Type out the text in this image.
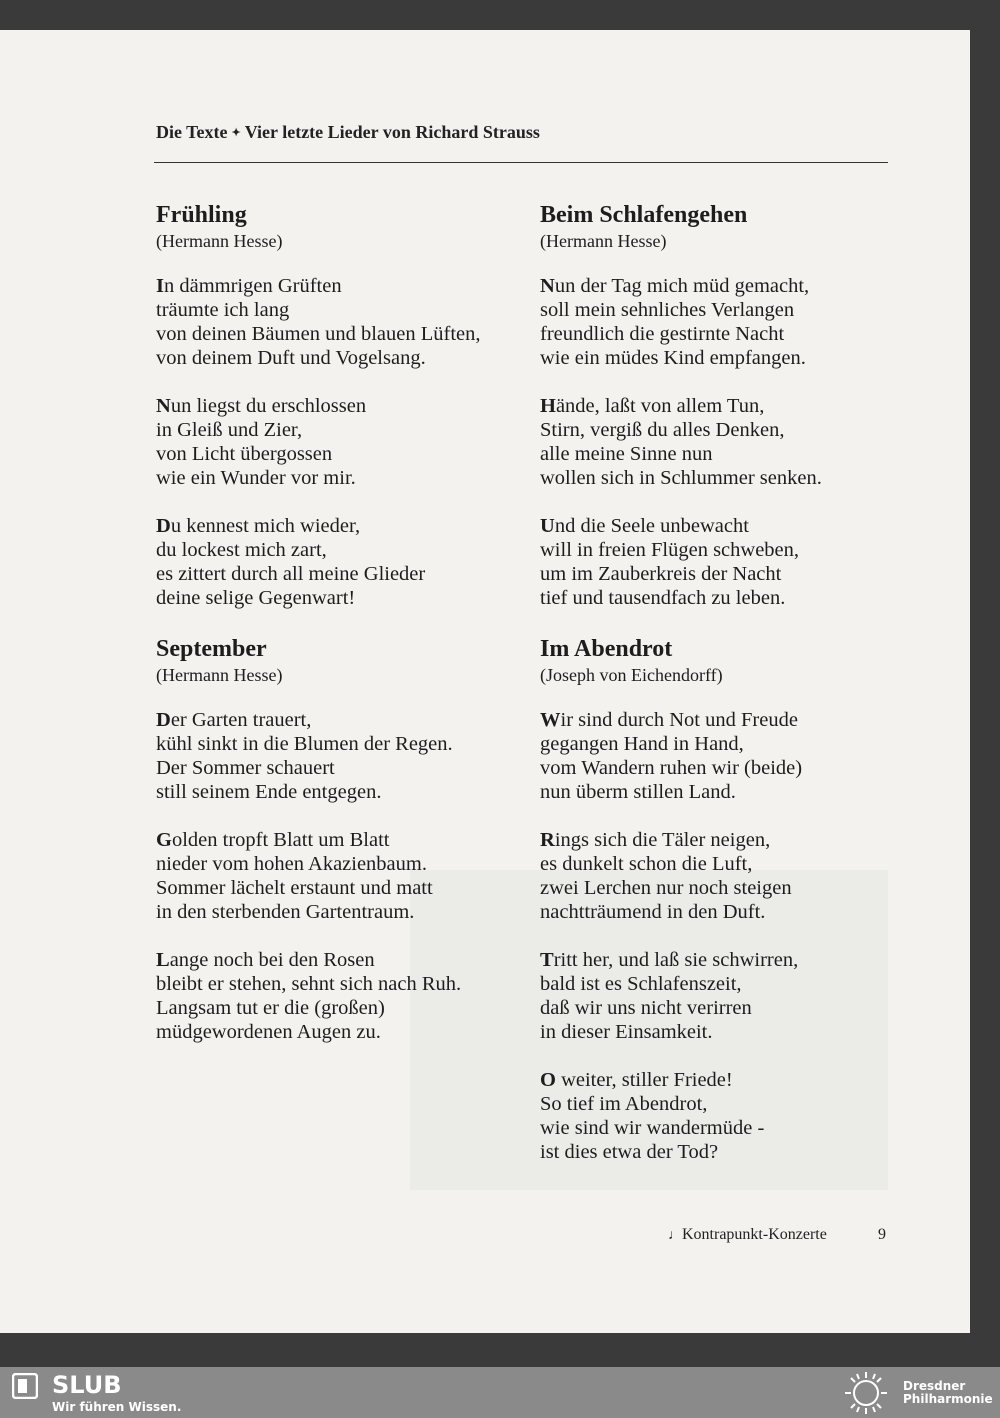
Die Texte ✦ Vier letzte Lieder von Richard Strauss
Frühling
(Hermann Hesse)
In dämmrigen Grüften
träumte ich lang
von deinen Bäumen und blauen Lüften,
von deinem Duft und Vogelsang.
Nun liegst du erschlossen
in Gleiß und Zier,
von Licht übergossen
wie ein Wunder vor mir.
Du kennest mich wieder,
du lockest mich zart,
es zittert durch all meine Glieder
deine selige Gegenwart!
September
(Hermann Hesse)
Der Garten trauert,
kühl sinkt in die Blumen der Regen.
Der Sommer schauert
still seinem Ende entgegen.
Golden tropft Blatt um Blatt
nieder vom hohen Akazienbaum.
Sommer lächelt erstaunt und matt
in den sterbenden Gartentraum.
Lange noch bei den Rosen
bleibt er stehen, sehnt sich nach Ruh.
Langsam tut er die (großen)
müdgewordenen Augen zu.
Beim Schlafengehen
(Hermann Hesse)
Nun der Tag mich müd gemacht,
soll mein sehnliches Verlangen
freundlich die gestirnte Nacht
wie ein müdes Kind empfangen.
Hände, laßt von allem Tun,
Stirn, vergiß du alles Denken,
alle meine Sinne nun
wollen sich in Schlummer senken.
Und die Seele unbewacht
will in freien Flügen schweben,
um im Zauberkreis der Nacht
tief und tausendfach zu leben.
Im Abendrot
(Joseph von Eichendorff)
Wir sind durch Not und Freude
gegangen Hand in Hand,
vom Wandern ruhen wir (beide)
nun überm stillen Land.
Rings sich die Täler neigen,
es dunkelt schon die Luft,
zwei Lerchen nur noch steigen
nachtträumend in den Duft.
Tritt her, und laß sie schwirren,
bald ist es Schlafenszeit,
daß wir uns nicht verirren
in dieser Einsamkeit.
O weiter, stiller Friede!
So tief im Abendrot,
wie sind wir wandermüde -
ist dies etwa der Tod?
♩Kontrapunkt-Konzerte	9
SLUB
Wir führen Wissen.
Dresdner
Philharmonie
